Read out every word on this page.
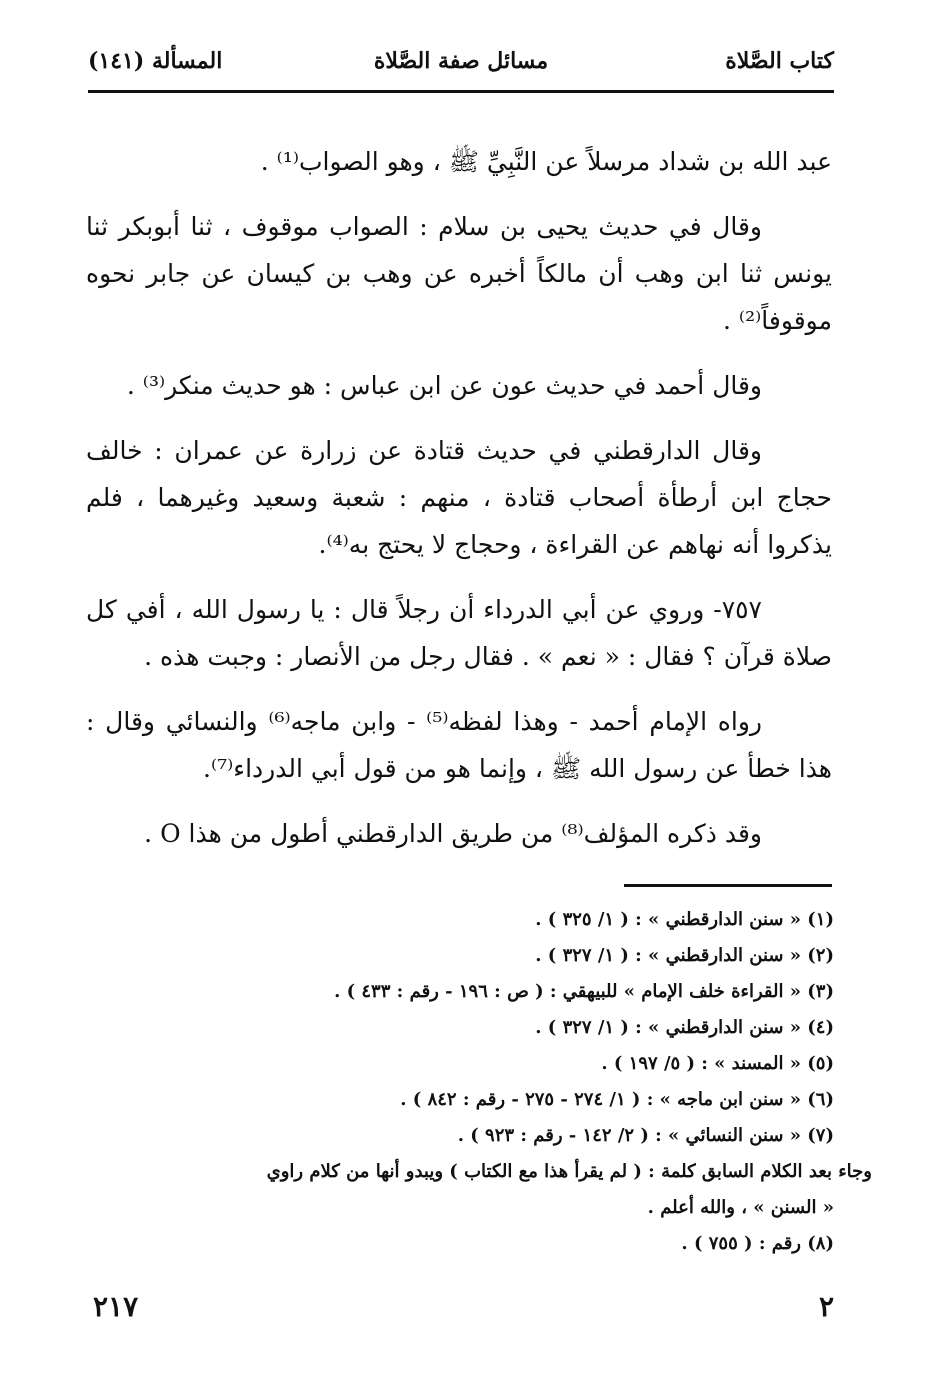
كتاب الصَّلاة
مسائل صفة الصَّلاة
المسألة (١٤١)

عبد الله بن شداد مرسلاً عن النَّبِيِّ ﷺ ، وهو الصواب⁽¹⁾ .

وقال في حديث يحيى بن سلام : الصواب موقوف ، ثنا أبوبكر ثنا يونس ثنا ابن وهب أن مالكاً أخبره عن وهب بن كيسان عن جابر نحوه موقوفاً⁽²⁾ .

وقال أحمد في حديث عون عن ابن عباس : هو حديث منكر⁽³⁾ .

وقال الدارقطني في حديث قتادة عن زرارة عن عمران : خالف حجاج ابن أرطأة أصحاب قتادة ، منهم : شعبة وسعيد وغيرهما ، فلم يذكروا أنه نهاهم عن القراءة ، وحجاج لا يحتج به⁽⁴⁾.

٧٥٧- وروي عن أبي الدرداء أن رجلاً قال : يا رسول الله ، أفي كل صلاة قرآن ؟ فقال : « نعم » . فقال رجل من الأنصار : وجبت هذه .

رواه الإمام أحمد - وهذا لفظه⁽⁵⁾ - وابن ماجه⁽⁶⁾ والنسائي وقال : هذا خطأ عن رسول الله ﷺ ، وإنما هو من قول أبي الدرداء⁽⁷⁾.

وقد ذكره المؤلف⁽⁸⁾ من طريق الدارقطني أطول من هذا O .

(١) « سنن الدارقطني » : ( ١/ ٣٢٥ ) .
(٢) « سنن الدارقطني » : ( ١/ ٣٢٧ ) .
(٣) « القراءة خلف الإمام » للبيهقي : ( ص : ١٩٦ - رقم : ٤٣٣ ) .
(٤) « سنن الدارقطني » : ( ١/ ٣٢٧ ) .
(٥) « المسند » : ( ٥/ ١٩٧ ) .
(٦) « سنن ابن ماجه » : ( ١/ ٢٧٤ - ٢٧٥ - رقم : ٨٤٢ ) .
(٧) « سنن النسائي » : ( ٢/ ١٤٢ - رقم : ٩٢٣ ) .
وجاء بعد الكلام السابق كلمة : ( لم يقرأ هذا مع الكتاب ) ويبدو أنها من كلام راوي
« السنن » ، والله أعلم .
(٨) رقم : ( ٧٥٥ ) .
٢
٢١٧
